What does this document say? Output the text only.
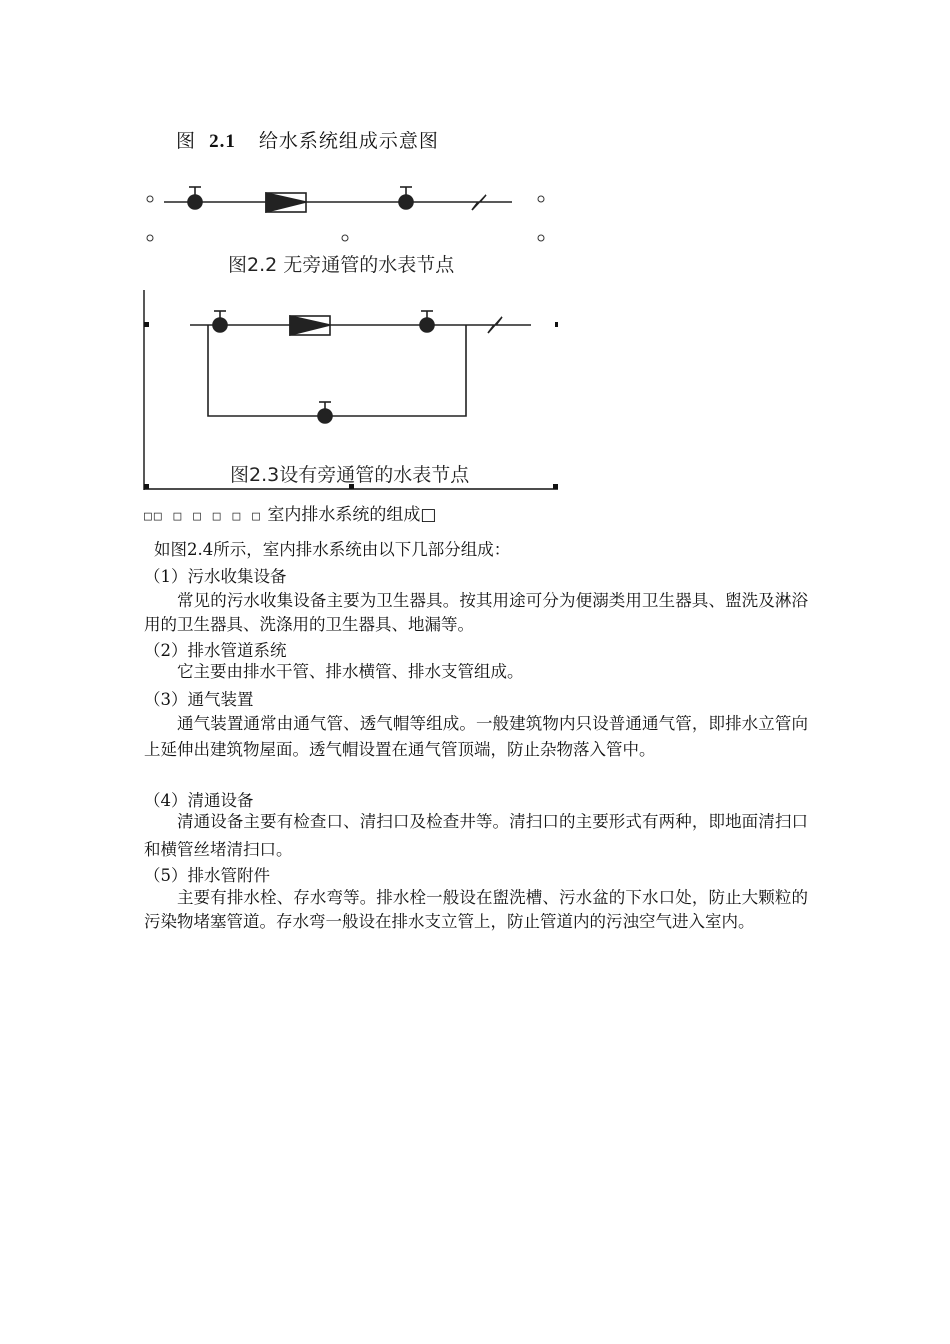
图 2.1 给水系统组成示意图
图2.2 无旁通管的水表节点
图2.3设有旁通管的水表节点
□□ □ □ □ □ □ 室内排水系统的组成□
如图2.4所示，室内排水系统由以下几部分组成：
（1）污水收集设备
常见的污水收集设备主要为卫生器具。按其用途可分为便溺类用卫生器具、盥洗及淋浴用的卫生器具、洗涤用的卫生器具、地漏等。
（2）排水管道系统
它主要由排水干管、排水横管、排水支管组成。
（3）通气装置
通气装置通常由通气管、透气帽等组成。一般建筑物内只设普通通气管，即排水立管向上延伸出建筑物屋面。透气帽设置在通气管顶端，防止杂物落入管中。
（4）清通设备
清通设备主要有检查口、清扫口及检查井等。清扫口的主要形式有两种，即地面清扫口和横管丝堵清扫口。
（5）排水管附件
主要有排水栓、存水弯等。排水栓一般设在盥洗槽、污水盆的下水口处，防止大颗粒的污染物堵塞管道。存水弯一般设在排水支立管上，防止管道内的污浊空气进入室内。
